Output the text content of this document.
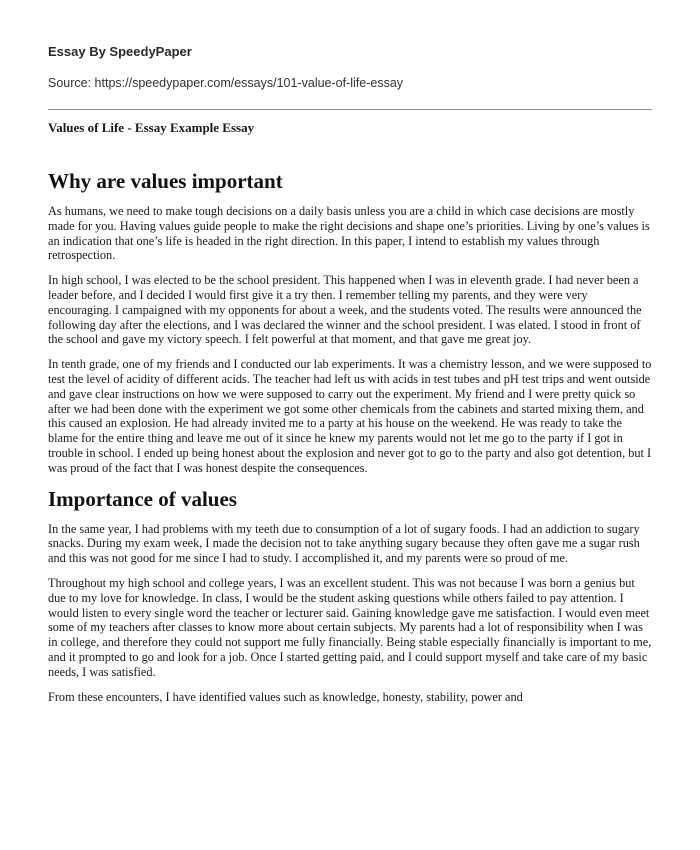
Essay By SpeedyPaper
Source: https://speedypaper.com/essays/101-value-of-life-essay
Values of Life - Essay Example Essay
Why are values important

As humans, we need to make tough decisions on a daily basis unless you are a child in which case decisions are mostly made for you. Having values guide people to make the right decisions and shape one’s priorities. Living by one’s values is an indication that one’s life is headed in the right direction. In this paper, I intend to establish my values through retrospection.

In high school, I was elected to be the school president. This happened when I was in eleventh grade. I had never been a leader before, and I decided I would first give it a try then. I remember telling my parents, and they were very encouraging. I campaigned with my opponents for about a week, and the students voted. The results were announced the following day after the elections, and I was declared the winner and the school president. I was elated. I stood in front of the school and gave my victory speech. I felt powerful at that moment, and that gave me great joy.

In tenth grade, one of my friends and I conducted our lab experiments. It was a chemistry lesson, and we were supposed to test the level of acidity of different acids. The teacher had left us with acids in test tubes and pH test trips and went outside and gave clear instructions on how we were supposed to carry out the experiment. My friend and I were pretty quick so after we had been done with the experiment we got some other chemicals from the cabinets and started mixing them, and this caused an explosion. He had already invited me to a party at his house on the weekend. He was ready to take the blame for the entire thing and leave me out of it since he knew my parents would not let me go to the party if I got in trouble in school. I ended up being honest about the explosion and never got to go to the party and also got detention, but I was proud of the fact that I was honest despite the consequences.

Importance of values

In the same year, I had problems with my teeth due to consumption of a lot of sugary foods. I had an addiction to sugary snacks. During my exam week, I made the decision not to take anything sugary because they often gave me a sugar rush and this was not good for me since I had to study. I accomplished it, and my parents were so proud of me.

Throughout my high school and college years, I was an excellent student. This was not because I was born a genius but due to my love for knowledge. In class, I would be the student asking questions while others failed to pay attention. I would listen to every single word the teacher or lecturer said. Gaining knowledge gave me satisfaction. I would even meet some of my teachers after classes to know more about certain subjects. My parents had a lot of responsibility when I was in college, and therefore they could not support me fully financially. Being stable especially financially is important to me, and it prompted to go and look for a job. Once I started getting paid, and I could support myself and take care of my basic needs, I was satisfied.

From these encounters, I have identified values such as knowledge, honesty, stability, power and
